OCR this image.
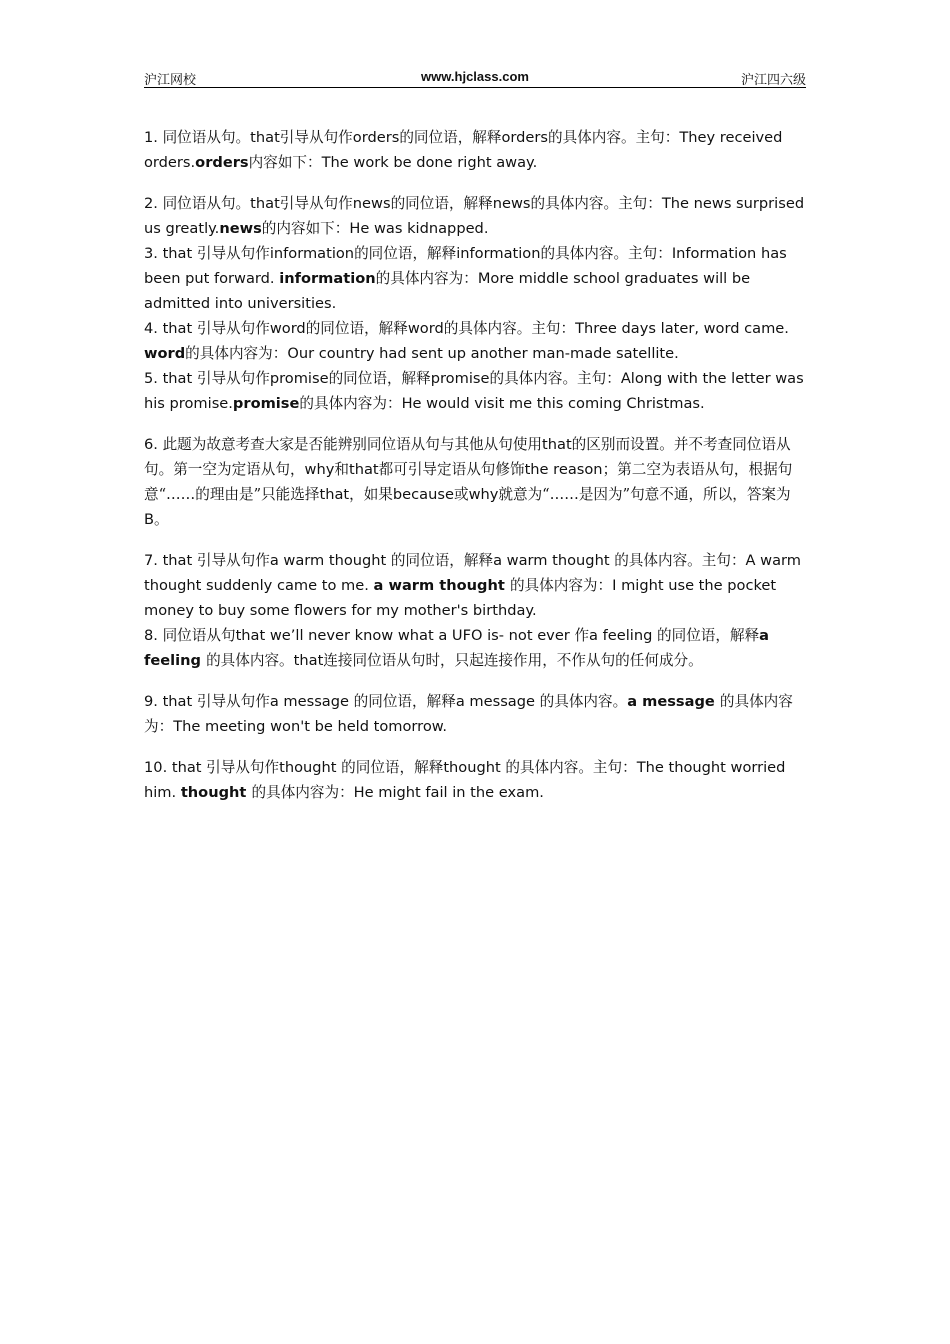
沪江网校	www.hjclass.com	沪江四六级

1. 同位语从句。that引导从句作orders的同位语，解释orders的具体内容。主句：They received orders.orders内容如下：The work be done right away.

2. 同位语从句。that引导从句作news的同位语，解释news的具体内容。主句：The news surprised us greatly.news的内容如下：He was kidnapped.

3. that 引导从句作information的同位语，解释information的具体内容。主句：Information has been put forward. information的具体内容为：More middle school graduates will be admitted into universities.

4. that 引导从句作word的同位语，解释word的具体内容。主句：Three days later, word came.
word的具体内容为：Our country had sent up another man-made satellite.

5. that 引导从句作promise的同位语，解释promise的具体内容。主句：Along with the letter was his promise.promise的具体内容为：He would visit me this coming Christmas.

6. 此题为故意考查大家是否能辨别同位语从句与其他从句使用that的区别而设置。并不考查同位语从句。第一空为定语从句，why和that都可引导定语从句修饰the reason；第二空为表语从句，根据句意“……的理由是”只能选择that，如果because或why就意为“……是因为”句意不通，所以，答案为B。

7. that 引导从句作a warm thought 的同位语，解释a warm thought 的具体内容。主句：A warm thought suddenly came to me. a warm thought 的具体内容为：I might use the pocket money to buy some flowers for my mother's birthday.

8. 同位语从句that we’ll never know what a UFO is- not ever 作a feeling 的同位语，解释a feeling 的具体内容。that连接同位语从句时，只起连接作用，不作从句的任何成分。

9. that 引导从句作a message 的同位语，解释a message 的具体内容。a message 的具体内容为：The meeting won't be held tomorrow.

10. that 引导从句作thought 的同位语，解释thought 的具体内容。主句：The thought worried him. thought 的具体内容为：He might fail in the exam.
